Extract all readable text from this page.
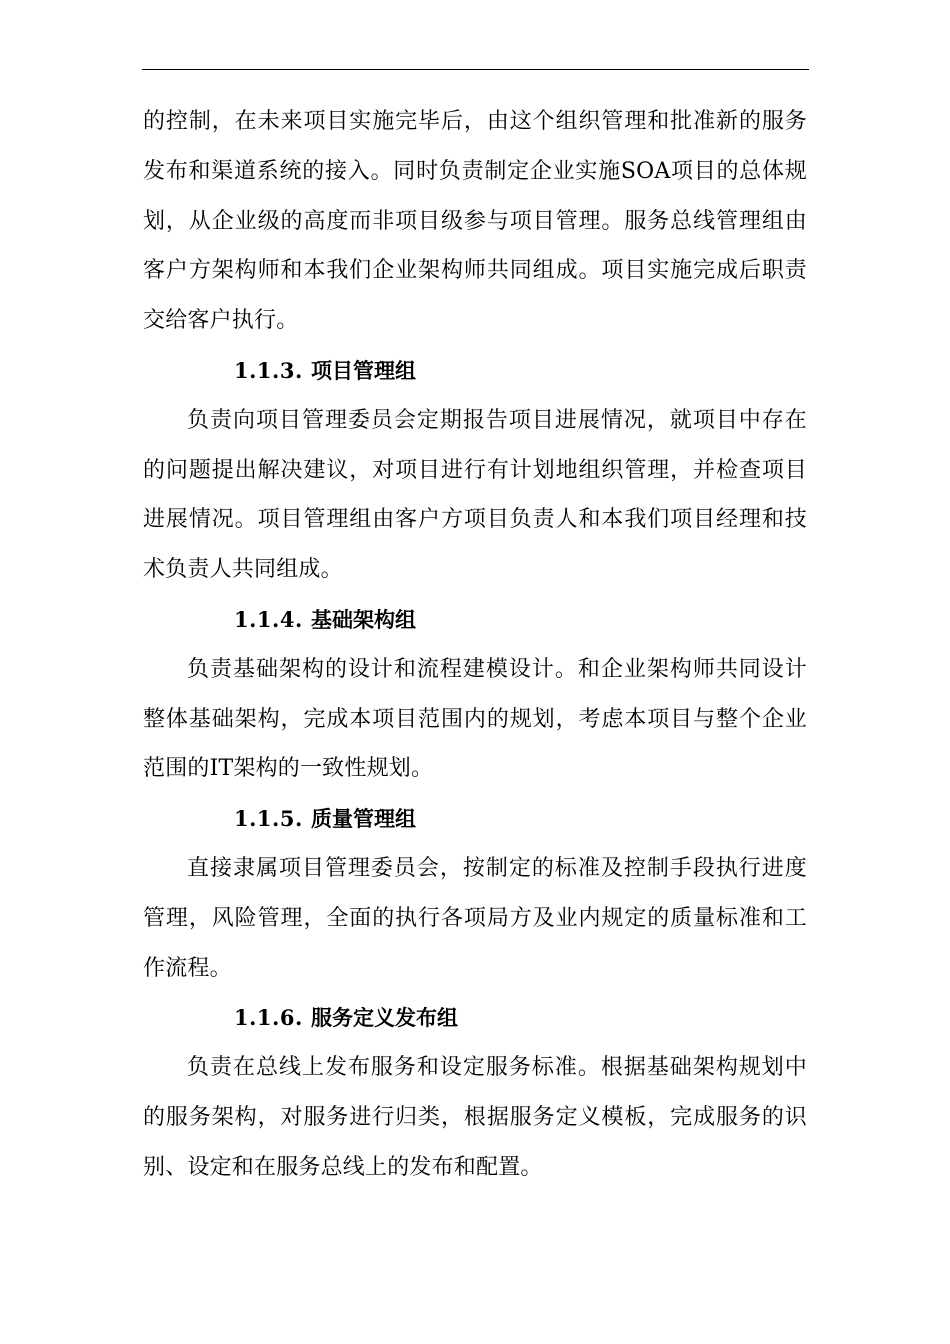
的控制，在未来项目实施完毕后，由这个组织管理和批准新的服务发布和渠道系统的接入。同时负责制定企业实施SOA项目的总体规划，从企业级的高度而非项目级参与项目管理。服务总线管理组由客户方架构师和本我们企业架构师共同组成。项目实施完成后职责交给客户执行。

1.1.3. 项目管理组

负责向项目管理委员会定期报告项目进展情况，就项目中存在的问题提出解决建议，对项目进行有计划地组织管理，并检查项目进展情况。项目管理组由客户方项目负责人和本我们项目经理和技术负责人共同组成。

1.1.4. 基础架构组

负责基础架构的设计和流程建模设计。和企业架构师共同设计整体基础架构，完成本项目范围内的规划，考虑本项目与整个企业范围的IT架构的一致性规划。

1.1.5. 质量管理组

直接隶属项目管理委员会，按制定的标准及控制手段执行进度管理，风险管理，全面的执行各项局方及业内规定的质量标准和工作流程。

1.1.6. 服务定义发布组

负责在总线上发布服务和设定服务标准。根据基础架构规划中的服务架构，对服务进行归类，根据服务定义模板，完成服务的识别、设定和在服务总线上的发布和配置。
